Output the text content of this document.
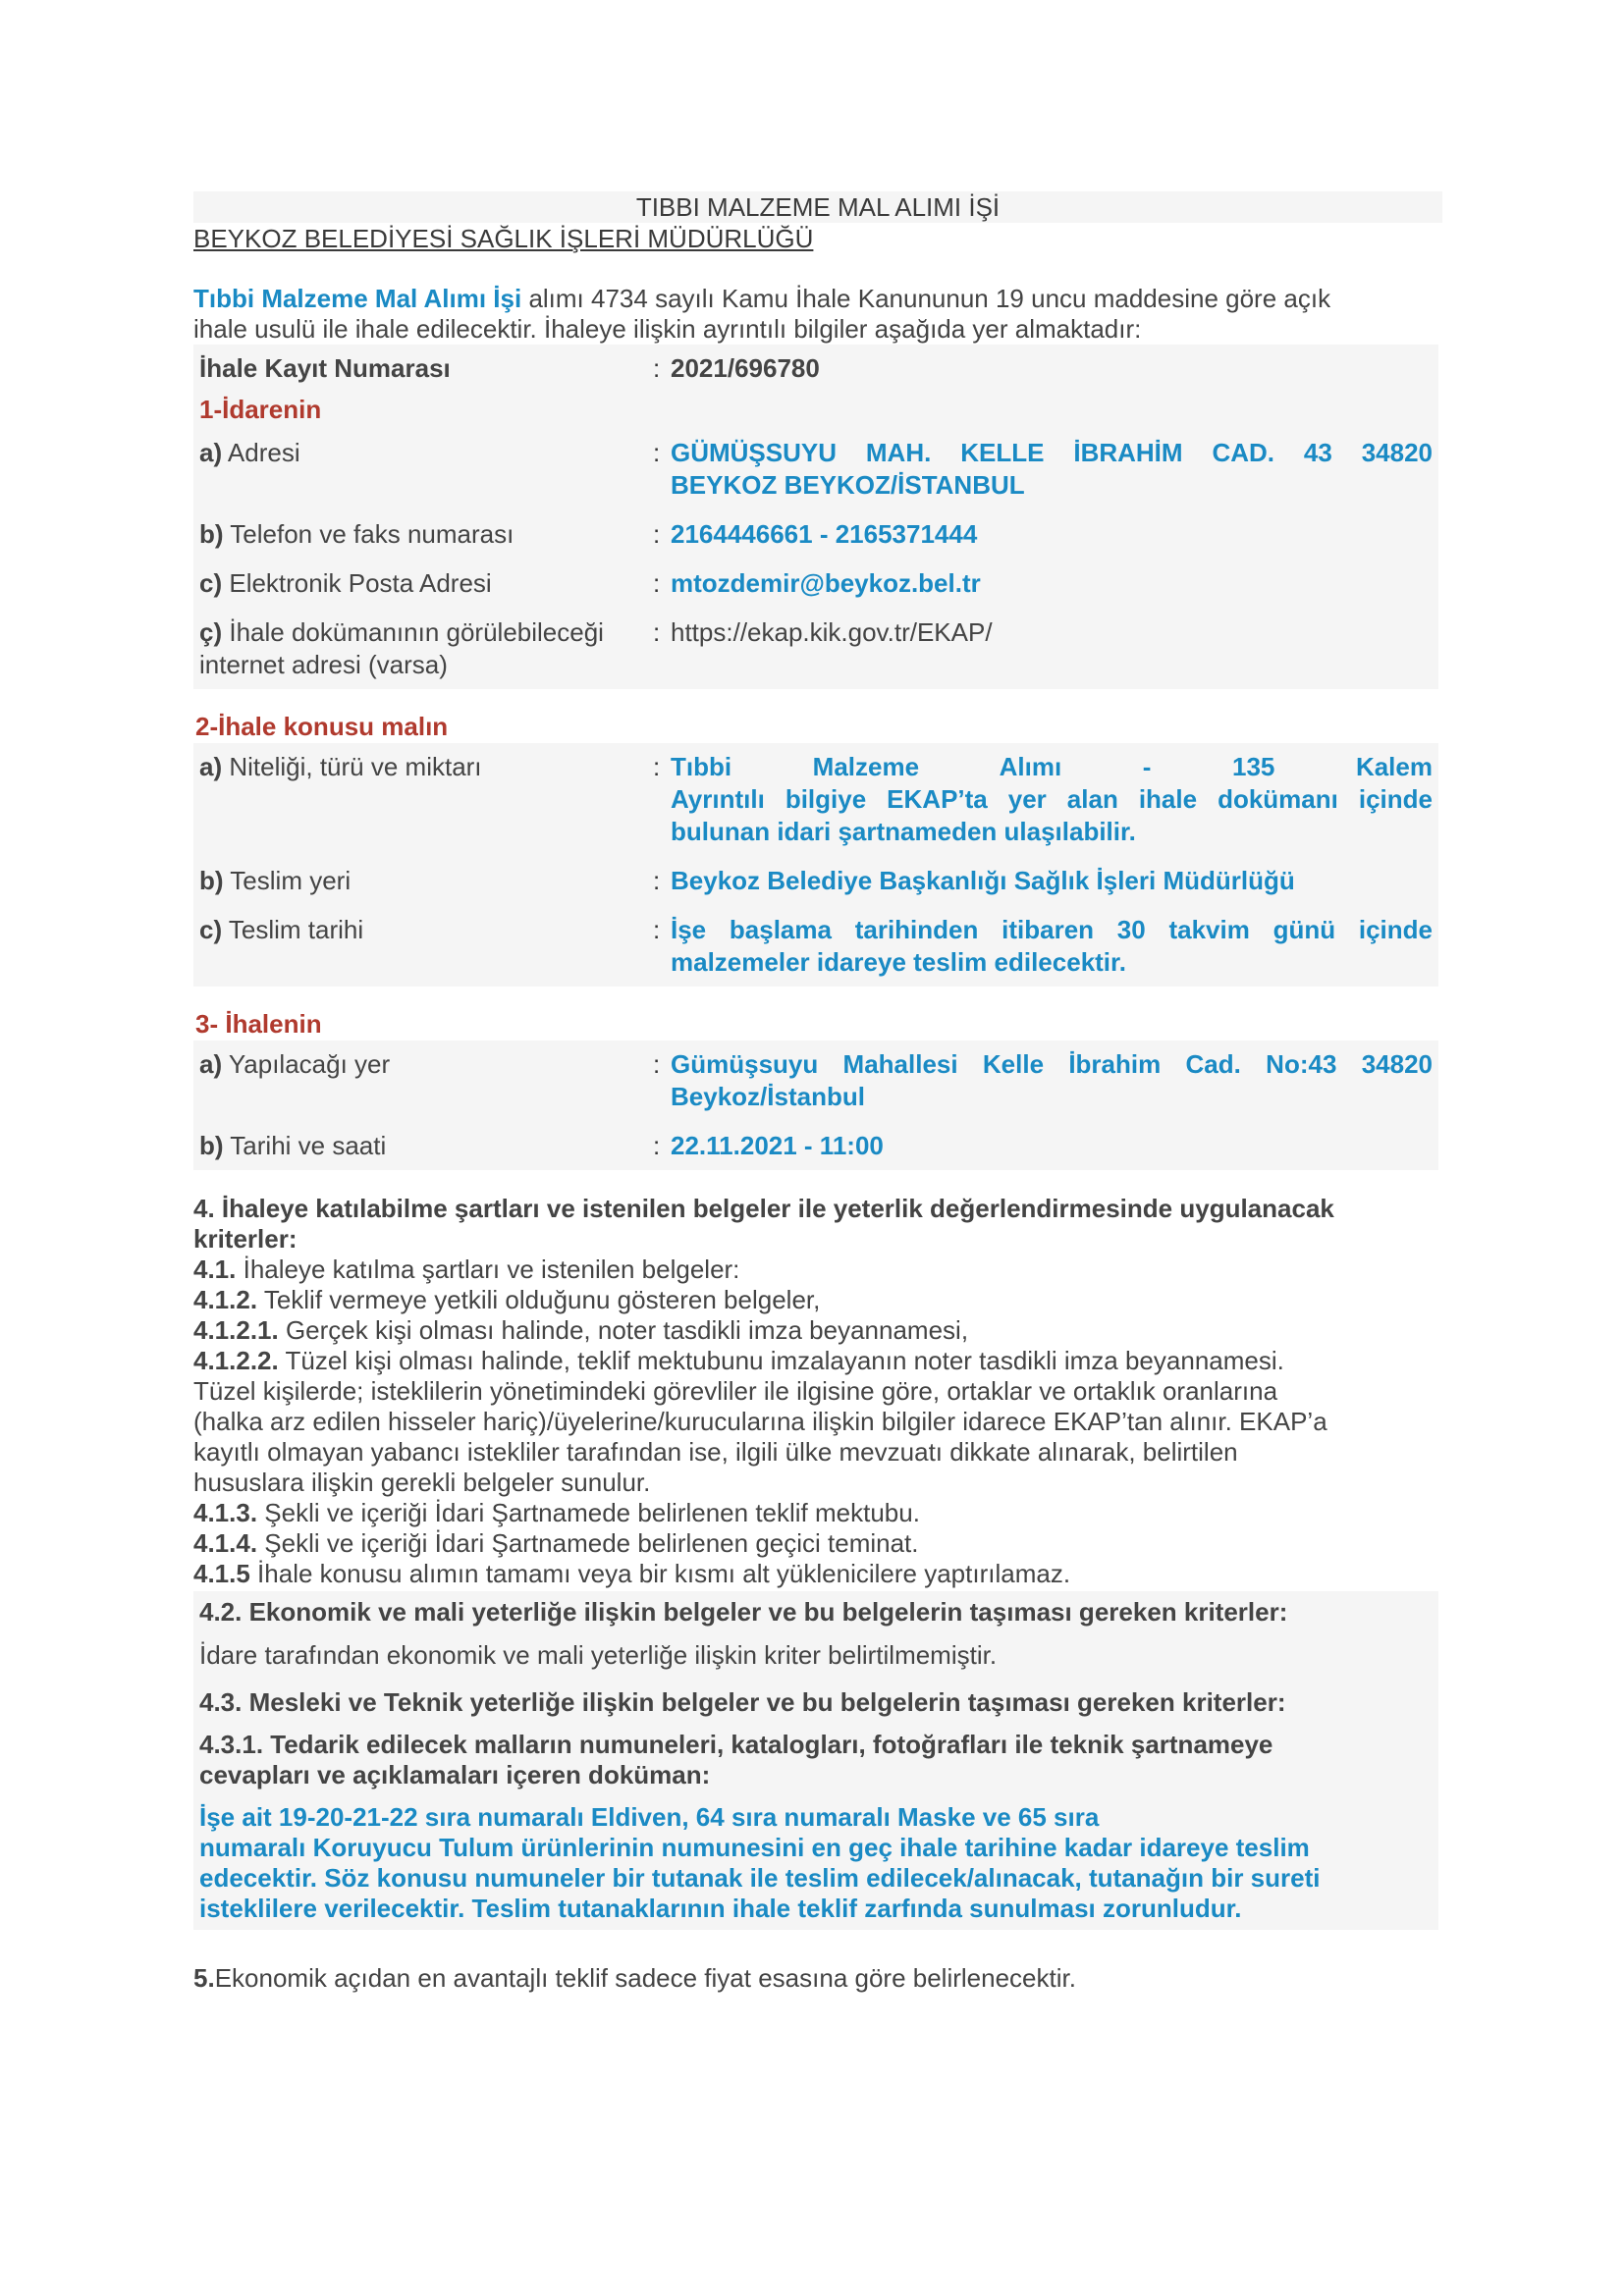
TIBBI MALZEME MAL ALIMI İŞİ
BEYKOZ BELEDİYESİ SAĞLIK İŞLERİ MÜDÜRLÜĞÜ
Tıbbi Malzeme Mal Alımı İşi alımı 4734 sayılı Kamu İhale Kanununun 19 uncu maddesine göre açık
ihale usulü ile ihale edilecektir. İhaleye ilişkin ayrıntılı bilgiler aşağıda yer almaktadır:
İhale Kayıt Numarası	: 2021/696780
1-İdarenin
a) Adresi	: GÜMÜŞSUYU MAH. KELLE İBRAHİM CAD. 43 34820
BEYKOZ BEYKOZ/İSTANBUL
b) Telefon ve faks numarası	: 2164446661 - 2165371444
c) Elektronik Posta Adresi	: mtozdemir@beykoz.bel.tr
ç) İhale dokümanının görülebileceği
internet adresi (varsa)
: https://ekap.kik.gov.tr/EKAP/
2-İhale konusu malın
a) Niteliği, türü ve miktarı	: Tıbbi Malzeme Alımı - 135 Kalem
Ayrıntılı bilgiye EKAP’ta yer alan ihale dokümanı içinde
bulunan idari şartnameden ulaşılabilir.
b) Teslim yeri	: Beykoz Belediye Başkanlığı Sağlık İşleri Müdürlüğü
c) Teslim tarihi	: İşe başlama tarihinden itibaren 30 takvim günü içinde
malzemeler idareye teslim edilecektir.
3- İhalenin
a) Yapılacağı yer	: Gümüşsuyu Mahallesi Kelle İbrahim Cad. No:43 34820
Beykoz/İstanbul
b) Tarihi ve saati	: 22.11.2021 - 11:00
4. İhaleye katılabilme şartları ve istenilen belgeler ile yeterlik değerlendirmesinde uygulanacak
kriterler:
4.1. İhaleye katılma şartları ve istenilen belgeler:
4.1.2. Teklif vermeye yetkili olduğunu gösteren belgeler,
4.1.2.1. Gerçek kişi olması halinde, noter tasdikli imza beyannamesi,
4.1.2.2. Tüzel kişi olması halinde, teklif mektubunu imzalayanın noter tasdikli imza beyannamesi.
Tüzel kişilerde; isteklilerin yönetimindeki görevliler ile ilgisine göre, ortaklar ve ortaklık oranlarına
(halka arz edilen hisseler hariç)/üyelerine/kurucularına ilişkin bilgiler idarece EKAP’tan alınır. EKAP’a
kayıtlı olmayan yabancı istekliler tarafından ise, ilgili ülke mevzuatı dikkate alınarak, belirtilen
hususlara ilişkin gerekli belgeler sunulur.
4.1.3. Şekli ve içeriği İdari Şartnamede belirlenen teklif mektubu.
4.1.4. Şekli ve içeriği İdari Şartnamede belirlenen geçici teminat.
4.1.5 İhale konusu alımın tamamı veya bir kısmı alt yüklenicilere yaptırılamaz.
4.2. Ekonomik ve mali yeterliğe ilişkin belgeler ve bu belgelerin taşıması gereken kriterler:
İdare tarafından ekonomik ve mali yeterliğe ilişkin kriter belirtilmemiştir.
4.3. Mesleki ve Teknik yeterliğe ilişkin belgeler ve bu belgelerin taşıması gereken kriterler:
4.3.1. Tedarik edilecek malların numuneleri, katalogları, fotoğrafları ile teknik şartnameye
cevapları ve açıklamaları içeren doküman:
İşe ait 19-20-21-22 sıra numaralı Eldiven, 64 sıra numaralı Maske ve 65 sıra
numaralı Koruyucu Tulum ürünlerinin numunesini en geç ihale tarihine kadar idareye teslim
edecektir. Söz konusu numuneler bir tutanak ile teslim edilecek/alınacak, tutanağın bir sureti
isteklilere verilecektir. Teslim tutanaklarının ihale teklif zarfında sunulması zorunludur.
5.Ekonomik açıdan en avantajlı teklif sadece fiyat esasına göre belirlenecektir.
